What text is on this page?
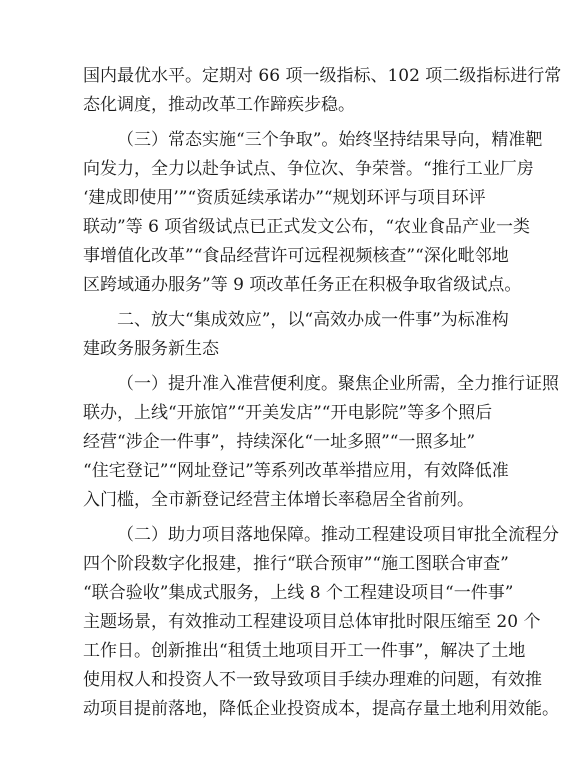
国内最优水平。定期对 66 项一级指标、102 项二级指标进行常
态化调度，推动改革工作蹄疾步稳。
（三）常态实施“三个争取”。始终坚持结果导向，精准靶
向发力，全力以赴争试点、争位次、争荣誉。“推行工业厂房
‘建成即使用’”“资质延续承诺办”“规划环评与项目环评
联动”等 6 项省级试点已正式发文公布，“农业食品产业一类
事增值化改革”“食品经营许可远程视频核查”“深化毗邻地
区跨域通办服务”等 9 项改革任务正在积极争取省级试点。
二、放大“集成效应”，以“高效办成一件事”为标准构
建政务服务新生态
（一）提升准入准营便利度。聚焦企业所需，全力推行证照
联办，上线“开旅馆”“开美发店”“开电影院”等多个照后
经营“涉企一件事”，持续深化“一址多照”“一照多址”
“住宅登记”“网址登记”等系列改革举措应用，有效降低准
入门槛，全市新登记经营主体增长率稳居全省前列。
（二）助力项目落地保障。推动工程建设项目审批全流程分
四个阶段数字化报建，推行“联合预审”“施工图联合审查”
“联合验收”集成式服务，上线 8 个工程建设项目“一件事”
主题场景，有效推动工程建设项目总体审批时限压缩至 20 个
工作日。创新推出“租赁土地项目开工一件事”，解决了土地
使用权人和投资人不一致导致项目手续办理难的问题，有效推
动项目提前落地，降低企业投资成本，提高存量土地利用效能。
